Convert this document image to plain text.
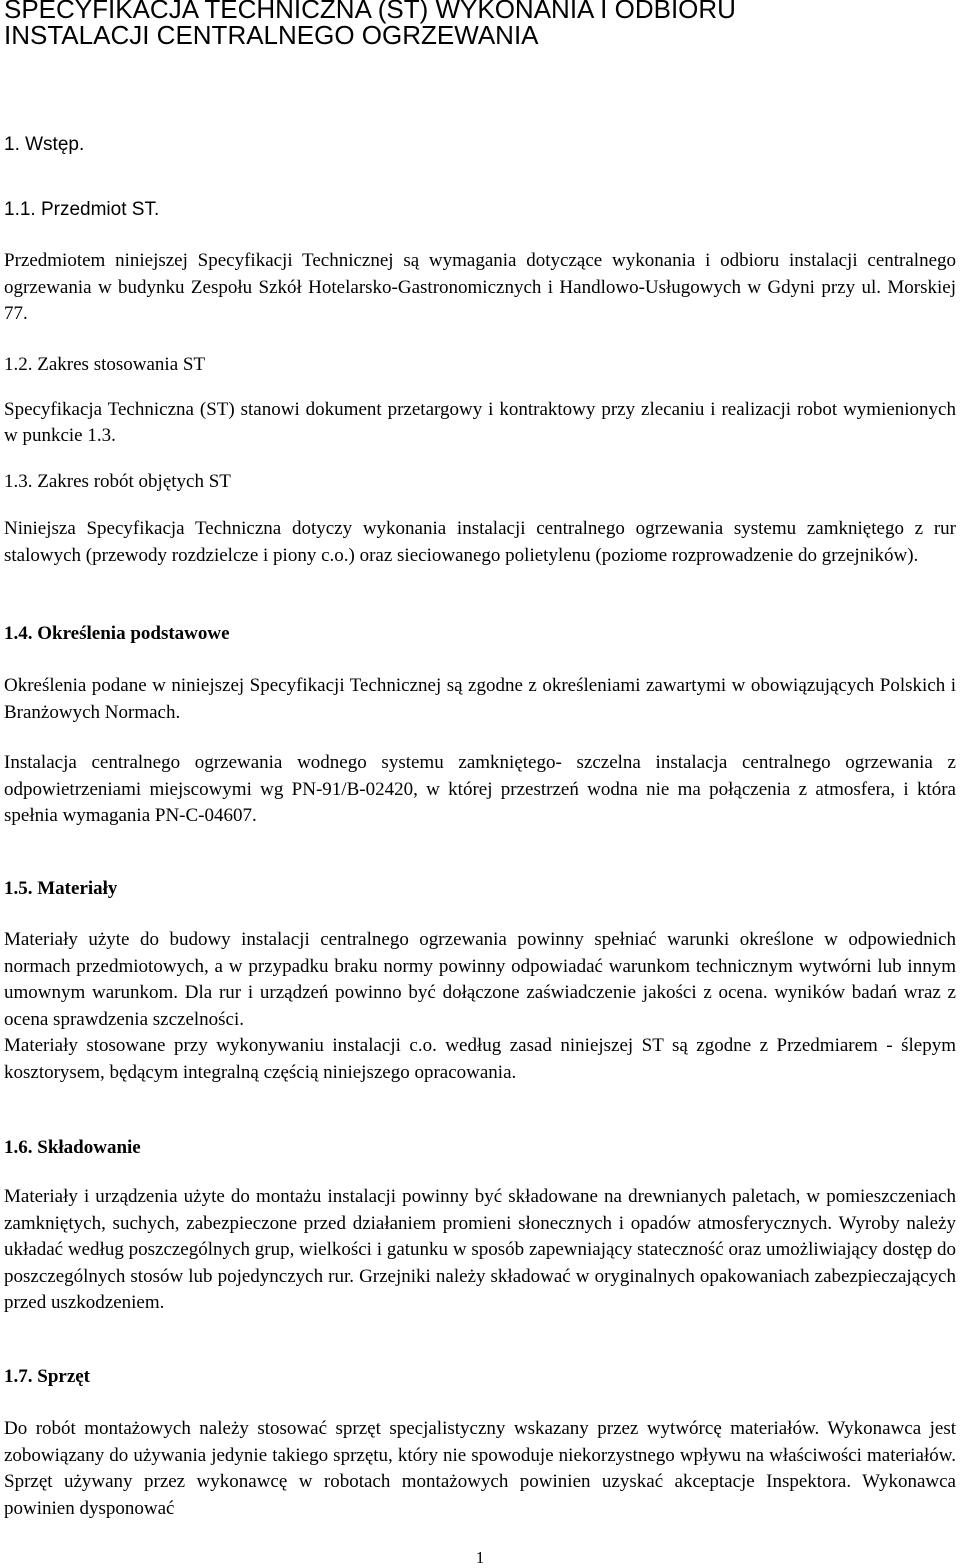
SPECYFIKACJA TECHNICZNA (ST) WYKONANIA I ODBIORU
INSTALACJI CENTRALNEGO OGRZEWANIA
1. Wstęp.
1.1. Przedmiot ST.

Przedmiotem niniejszej Specyfikacji Technicznej są wymagania dotyczące wykonania i odbioru instalacji centralnego ogrzewania w budynku Zespołu Szkół Hotelarsko-Gastronomicznych i Handlowo-Usługowych w Gdyni przy ul. Morskiej 77.

1.2. Zakres stosowania ST

Specyfikacja Techniczna (ST) stanowi dokument przetargowy i kontraktowy przy zlecaniu i realizacji robot wymienionych w punkcie 1.3.

1.3. Zakres robót objętych ST

Niniejsza Specyfikacja Techniczna dotyczy wykonania instalacji centralnego ogrzewania systemu zamkniętego z rur stalowych (przewody rozdzielcze i piony c.o.) oraz sieciowanego polietylenu (poziome rozprowadzenie do grzejników).

1.4. Określenia podstawowe

Określenia podane w niniejszej Specyfikacji Technicznej są zgodne z określeniami zawartymi w obowiązujących Polskich i Branżowych Normach.

Instalacja centralnego ogrzewania wodnego systemu zamkniętego- szczelna instalacja centralnego ogrzewania z odpowietrzeniami miejscowymi wg PN-91/B-02420, w której przestrzeń wodna nie ma połączenia z atmosfera, i która spełnia wymagania PN-C-04607.

1.5. Materiały

Materiały użyte do budowy instalacji centralnego ogrzewania powinny spełniać warunki określone w odpowiednich normach przedmiotowych, a w przypadku braku normy powinny odpowiadać warunkom technicznym wytwórni lub innym umownym warunkom. Dla rur i urządzeń powinno być dołączone zaświadczenie jakości z ocena. wyników badań wraz z ocena sprawdzenia szczelności.

Materiały stosowane przy wykonywaniu instalacji c.o. według zasad niniejszej ST są zgodne z Przedmiarem - ślepym kosztorysem, będącym integralną częścią niniejszego opracowania.

1.6. Składowanie

Materiały i urządzenia użyte do montażu instalacji powinny być składowane na drewnianych paletach, w pomieszczeniach zamkniętych, suchych, zabezpieczone przed działaniem promieni słonecznych i opadów atmosferycznych. Wyroby należy układać według poszczególnych grup, wielkości i gatunku w sposób zapewniający stateczność oraz umożliwiający dostęp do poszczególnych stosów lub pojedynczych rur. Grzejniki należy składować w oryginalnych opakowaniach zabezpieczających przed uszkodzeniem.

1.7. Sprzęt

Do robót montażowych należy stosować sprzęt specjalistyczny wskazany przez wytwórcę materiałów. Wykonawca jest zobowiązany do używania jedynie takiego sprzętu, który nie spowoduje niekorzystnego wpływu na właściwości materiałów. Sprzęt używany przez wykonawcę w robotach montażowych powinien uzyskać akceptacje Inspektora. Wykonawca powinien dysponować

1
